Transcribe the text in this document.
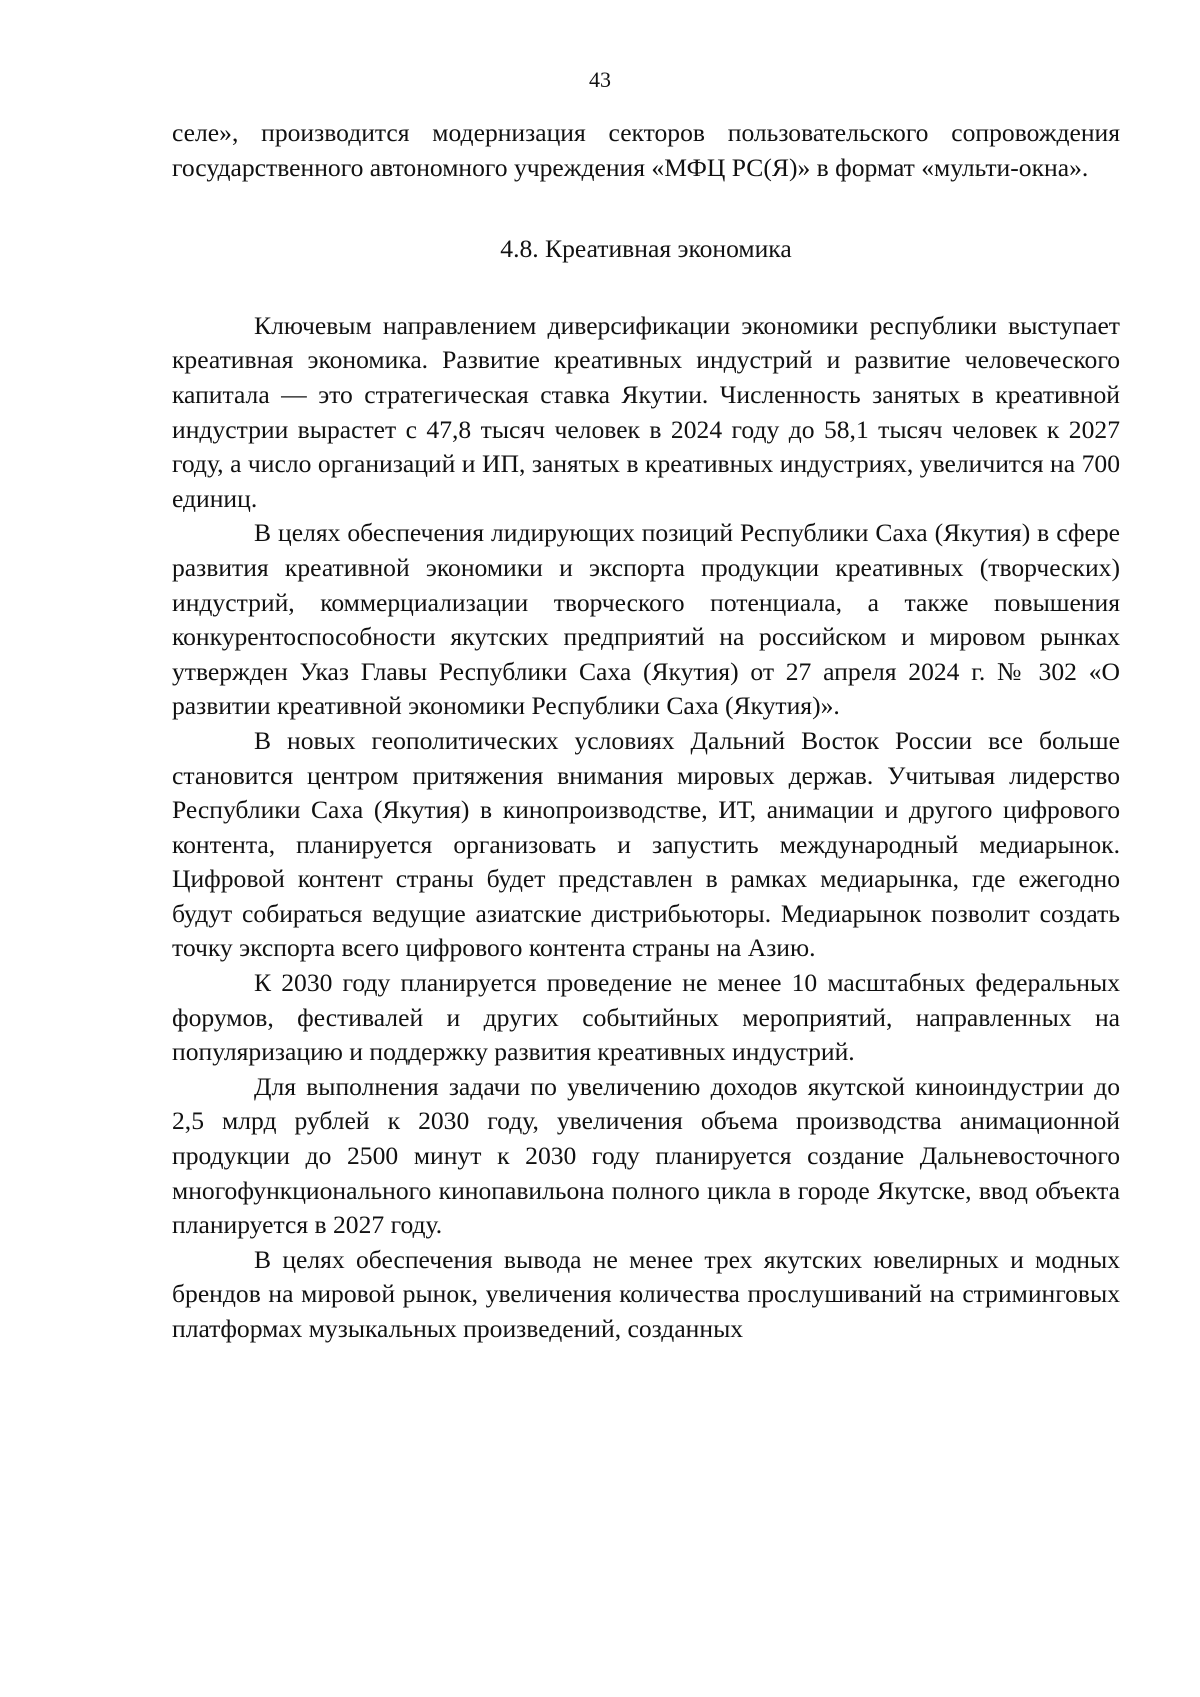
43

селе», производится модернизация секторов пользовательского сопровождения государственного автономного учреждения «МФЦ РС(Я)» в формат «мульти-окна».

4.8. Креативная экономика

Ключевым направлением диверсификации экономики республики выступает креативная экономика. Развитие креативных индустрий и развитие человеческого капитала — это стратегическая ставка Якутии. Численность занятых в креативной индустрии вырастет с 47,8 тысяч человек в 2024 году до 58,1 тысяч человек к 2027 году, а число организаций и ИП, занятых в креативных индустриях, увеличится на 700 единиц.

В целях обеспечения лидирующих позиций Республики Саха (Якутия) в сфере развития креативной экономики и экспорта продукции креативных (творческих) индустрий, коммерциализации творческого потенциала, а также повышения конкурентоспособности якутских предприятий на российском и мировом рынках утвержден Указ Главы Республики Саха (Якутия) от 27 апреля 2024 г. № 302 «О развитии креативной экономики Республики Саха (Якутия)».

В новых геополитических условиях Дальний Восток России все больше становится центром притяжения внимания мировых держав. Учитывая лидерство Республики Саха (Якутия) в кинопроизводстве, ИТ, анимации и другого цифрового контента, планируется организовать и запустить международный медиарынок. Цифровой контент страны будет представлен в рамках медиарынка, где ежегодно будут собираться ведущие азиатские дистрибьюторы. Медиарынок позволит создать точку экспорта всего цифрового контента страны на Азию.

К 2030 году планируется проведение не менее 10 масштабных федеральных форумов, фестивалей и других событийных мероприятий, направленных на популяризацию и поддержку развития креативных индустрий.

Для выполнения задачи по увеличению доходов якутской киноиндустрии до 2,5 млрд рублей к 2030 году, увеличения объема производства анимационной продукции до 2500 минут к 2030 году планируется создание Дальневосточного многофункционального кинопавильона полного цикла в городе Якутске, ввод объекта планируется в 2027 году.

В целях обеспечения вывода не менее трех якутских ювелирных и модных брендов на мировой рынок, увеличения количества прослушиваний на стриминговых платформах музыкальных произведений, созданных
